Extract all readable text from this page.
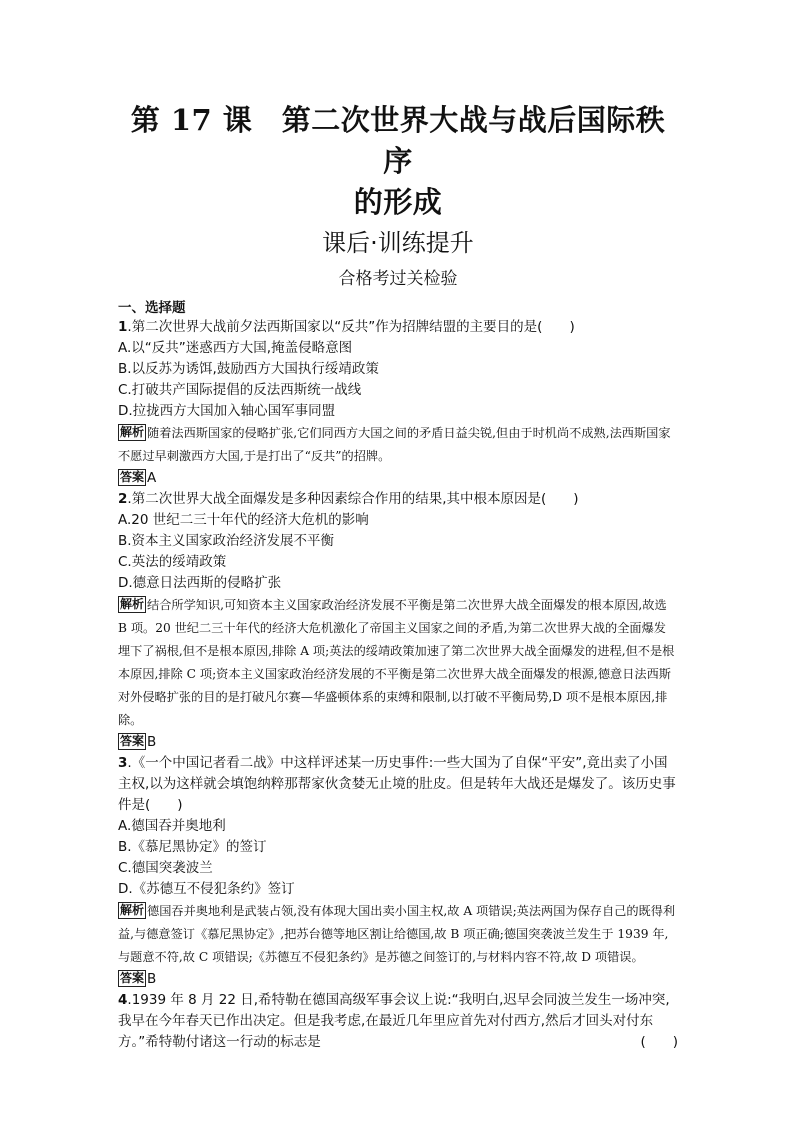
第 17 课　第二次世界大战与战后国际秩序
的形成
课后·训练提升
合格考过关检验
一、选择题

1.第二次世界大战前夕法西斯国家以“反共”作为招牌结盟的主要目的是(　　)

A.以“反共”迷惑西方大国,掩盖侵略意图

B.以反苏为诱饵,鼓励西方大国执行绥靖政策

C.打破共产国际提倡的反法西斯统一战线

D.拉拢西方大国加入轴心国军事同盟

解析 随着法西斯国家的侵略扩张,它们同西方大国之间的矛盾日益尖锐,但由于时机尚不成熟,法西斯国家不愿过早刺激西方大国,于是打出了“反共”的招牌。

答案 A

2.第二次世界大战全面爆发是多种因素综合作用的结果,其中根本原因是(　　)

A.20 世纪二三十年代的经济大危机的影响

B.资本主义国家政治经济发展不平衡

C.英法的绥靖政策

D.德意日法西斯的侵略扩张

解析 结合所学知识,可知资本主义国家政治经济发展不平衡是第二次世界大战全面爆发的根本原因,故选 B 项。20 世纪二三十年代的经济大危机激化了帝国主义国家之间的矛盾,为第二次世界大战的全面爆发埋下了祸根,但不是根本原因,排除 A 项;英法的绥靖政策加速了第二次世界大战全面爆发的进程,但不是根本原因,排除 C 项;资本主义国家政治经济发展的不平衡是第二次世界大战全面爆发的根源,德意日法西斯对外侵略扩张的目的是打破凡尔赛—华盛顿体系的束缚和限制,以打破不平衡局势,D 项不是根本原因,排除。

答案 B

3.《一个中国记者看二战》中这样评述某一历史事件:一些大国为了自保“平安”,竟出卖了小国主权,以为这样就会填饱纳粹那帮家伙贪婪无止境的肚皮。但是转年大战还是爆发了。该历史事件是(　　)

A.德国吞并奥地利

B.《慕尼黑协定》的签订

C.德国突袭波兰

D.《苏德互不侵犯条约》签订

解析 德国吞并奥地利是武装占领,没有体现大国出卖小国主权,故 A 项错误;英法两国为保存自己的既得利益,与德意签订《慕尼黑协定》,把苏台德等地区割让给德国,故 B 项正确;德国突袭波兰发生于 1939 年,与题意不符,故 C 项错误;《苏德互不侵犯条约》是苏德之间签订的,与材料内容不符,故 D 项错误。

答案 B

4.1939 年 8 月 22 日,希特勒在德国高级军事会议上说:“我明白,迟早会同波兰发生一场冲突,我早在今年春天已作出决定。但是我考虑,在最近几年里应首先对付西方,然后才回头对付东方。”希特勒付诸这一行动的标志是	(　　)
